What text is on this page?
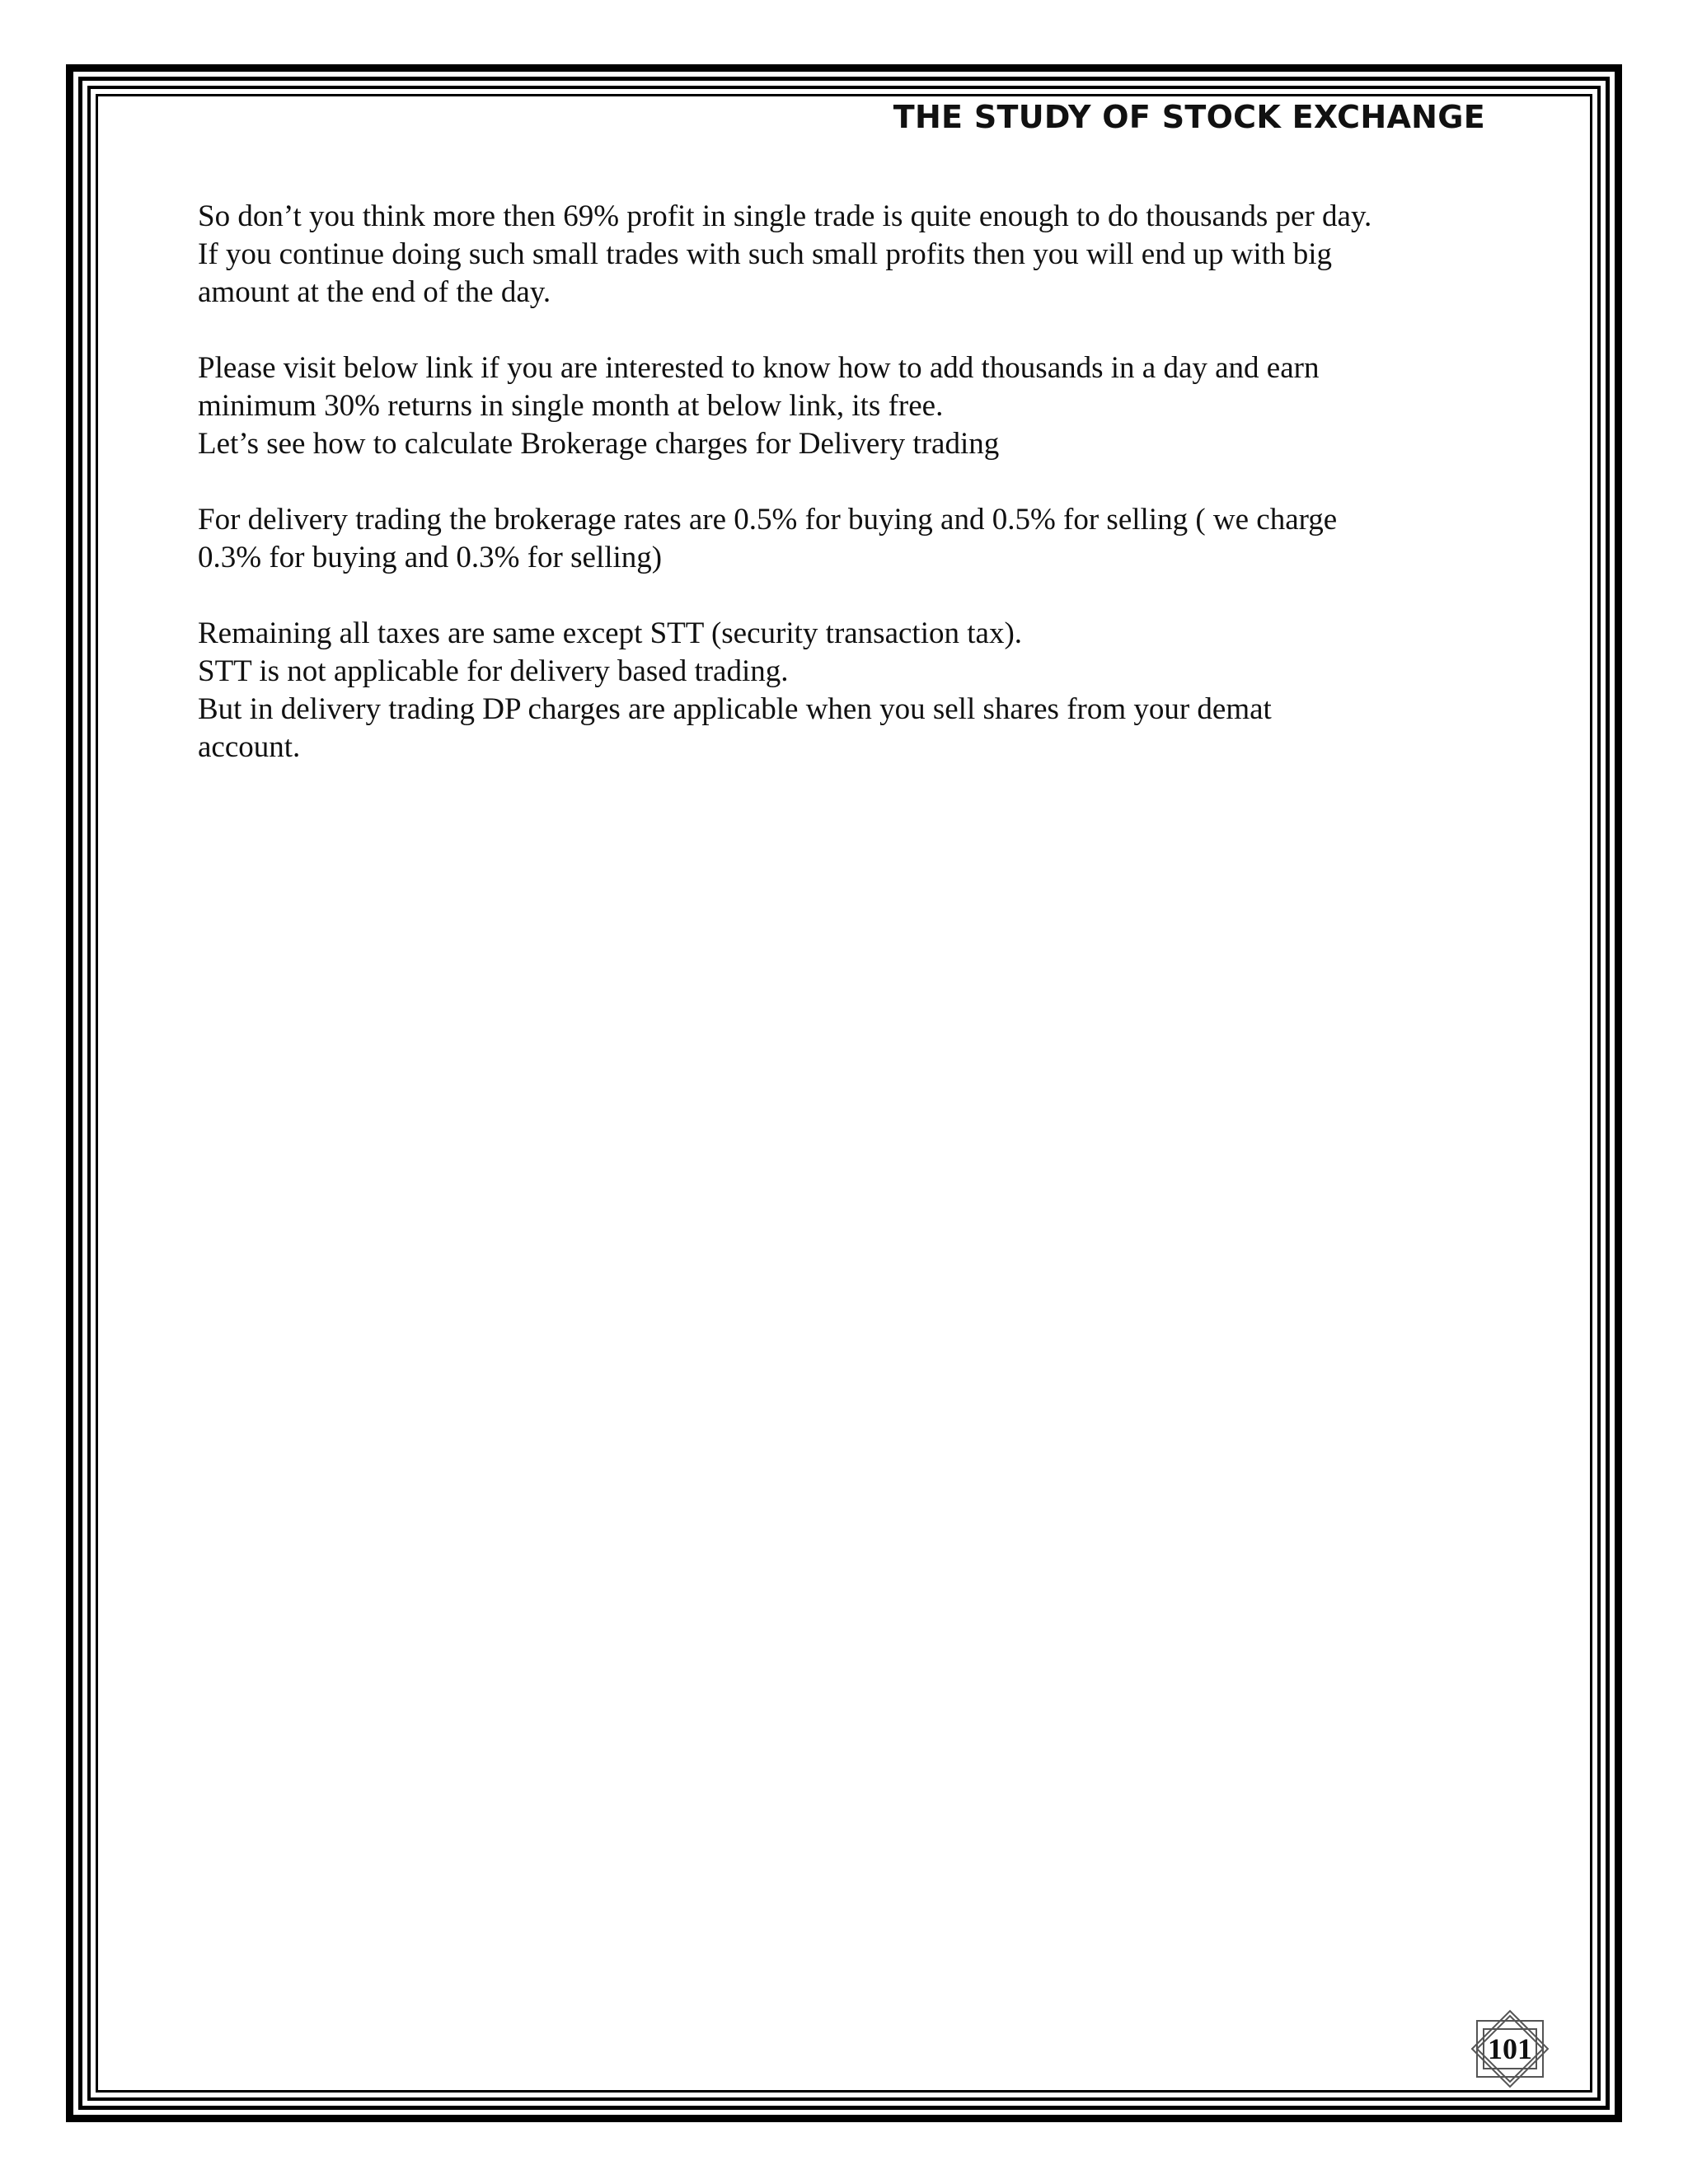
THE STUDY OF STOCK EXCHANGE

So don’t you think more then 69% profit in single trade is quite enough to do thousands per day.
If you continue doing such small trades with such small profits then you will end up with big
amount at the end of the day.

Please visit below link if you are interested to know how to add thousands in a day and earn
minimum 30% returns in single month at below link, its free.
Let’s see how to calculate Brokerage charges for Delivery trading

For delivery trading the brokerage rates are 0.5% for buying and 0.5% for selling ( we charge
0.3% for buying and 0.3% for selling)

Remaining all taxes are same except STT (security transaction tax).
STT is not applicable for delivery based trading.
But in delivery trading DP charges are applicable when you sell shares from your demat
account.

101
